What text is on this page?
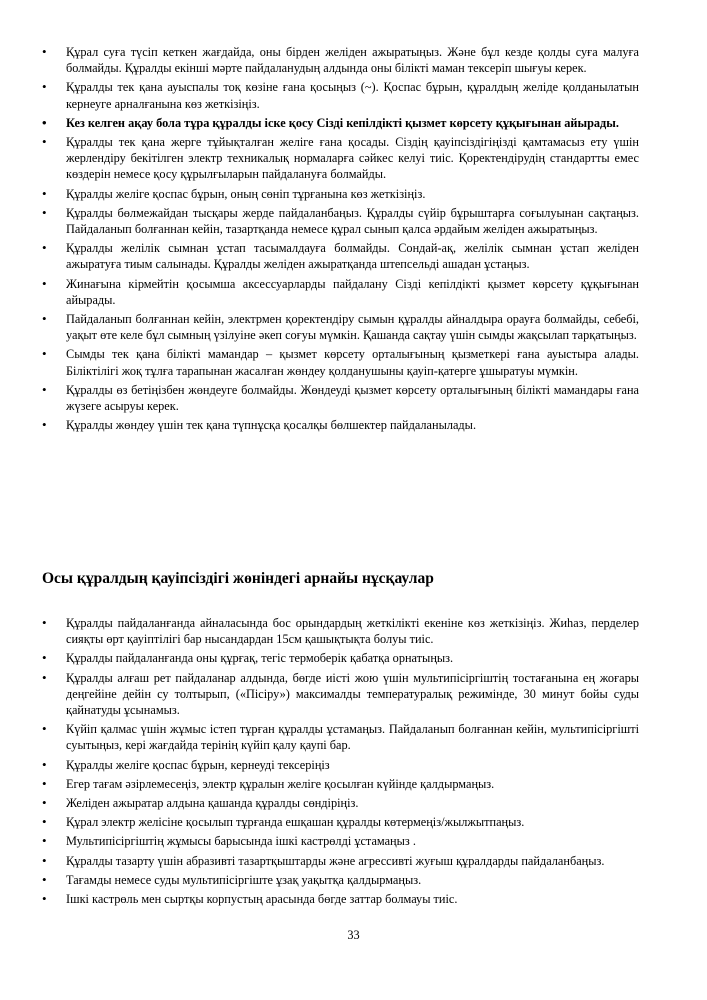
• Құрал суға түсіп кеткен жағдайда, оны бірден желіден ажыратыңыз. Және бұл кезде қолды суға малуға болмайды. Құралды екінші мәрте пайдаланудың алдында оны білікті маман тексеріп шығуы керек.
• Құралды тек қана ауыспалы тоқ көзіне ғана қосыңыз (~). Қоспас бұрын, құралдың желіде қолданылатын кернеуге арналғанына көз жеткізіңіз.
• Кез келген ақау бола тұра құралды іске қосу Сізді кепілдікті қызмет көрсету құқығынан айырады.
• Құралды тек қана жерге тұйықталған желіге ғана қосады. Сіздің қауіпсіздігіңізді қамтамасыз ету үшін жерлендіру бекітілген электр техникалық нормаларға сәйкес келуі тиіс. Қоректендірудің стандартты емес көздерін немесе қосу құрылғыларын пайдалануға болмайды.
• Құралды желіге қоспас бұрын, оның сөніп тұрғанына көз жеткізіңіз.
• Құралды бөлмежайдан тысқары жерде пайдаланбаңыз. Құралды сүйір бұрыштарға соғылуынан сақтаңыз. Пайдаланып болғаннан кейін, тазартқанда немесе құрал сынып қалса әрдайым желіден ажыратыңыз.
• Құралды желілік сымнан ұстап тасымалдауға болмайды. Сондай-ақ, желілік сымнан ұстап желіден ажыратуға тиым салынады. Құралды желіден ажыратқанда штепсельді ашадан ұстаңыз.
• Жинағына кірмейтін қосымша аксессуарларды пайдалану Сізді кепілдікті қызмет көрсету құқығынан айырады.
• Пайдаланып болғаннан кейін, электрмен қоректендіру сымын құралды айналдыра орауға болмайды, себебі, уақыт өте келе бұл сымның үзілуіне әкеп соғуы мүмкін. Қашанда сақтау үшін сымды жақсылап тарқатыңыз.
• Сымды тек қана білікті мамандар – қызмет көрсету орталығының қызметкері ғана ауыстыра алады. Біліктілігі жоқ тұлға тарапынан жасалған жөндеу қолданушыны қауіп-қатерге ұшыратуы мүмкін.
• Құралды өз бетіңізбен жөндеуге болмайды. Жөндеуді қызмет көрсету орталығының білікті мамандары ғана жүзеге асыруы керек.
• Құралды жөндеу үшін тек қана түпнұсқа қосалқы бөлшектер пайдаланылады.
Осы құралдың қауіпсіздігі жөніндегі арнайы нұсқаулар
• Құралды пайдаланғанда айналасында бос орындардың жеткілікті екеніне көз жеткізіңіз. Жиһаз, перделер сияқты өрт қауіптілігі бар нысандардан 15см қашықтықта болуы тиіс.
• Құралды пайдаланғанда оны құрғақ, тегіс термоберік қабатқа орнатыңыз.
• Құралды алғаш рет пайдаланар алдында, бөгде иісті жою үшін мультипісіргіштің тостағанына ең жоғары деңгейіне дейін су толтырып, («Пісіру») максималды температуралық режимінде, 30 минут бойы суды қайнатуды ұсынамыз.
• Күйіп қалмас үшін жұмыс істеп тұрған құралды ұстамаңыз. Пайдаланып болғаннан кейін, мультипісіргішті суытыңыз, кері жағдайда терінің күйіп қалу қаупі бар.
• Құралды желіге қоспас бұрын, кернеуді тексеріңіз
• Егер тағам әзірлемесеңіз, электр құралын желіге қосылған күйінде қалдырмаңыз.
• Желіден ажыратар алдына қашанда құралды сөндіріңіз.
• Құрал электр желісіне қосылып тұрғанда ешқашан құралды көтермеңіз/жылжытпаңыз.
• Мультипісіргіштің жұмысы барысында ішкі кастрөлді ұстамаңыз .
• Құралды тазарту үшін абразивті тазартқыштарды және агрессивті жуғыш құралдарды пайдаланбаңыз.
• Тағамды немесе суды мультипісіргіште ұзақ уақытқа қалдырмаңыз.
• Ішкі кастрөль мен сыртқы корпустың арасында бөгде заттар болмауы тиіс.
33
